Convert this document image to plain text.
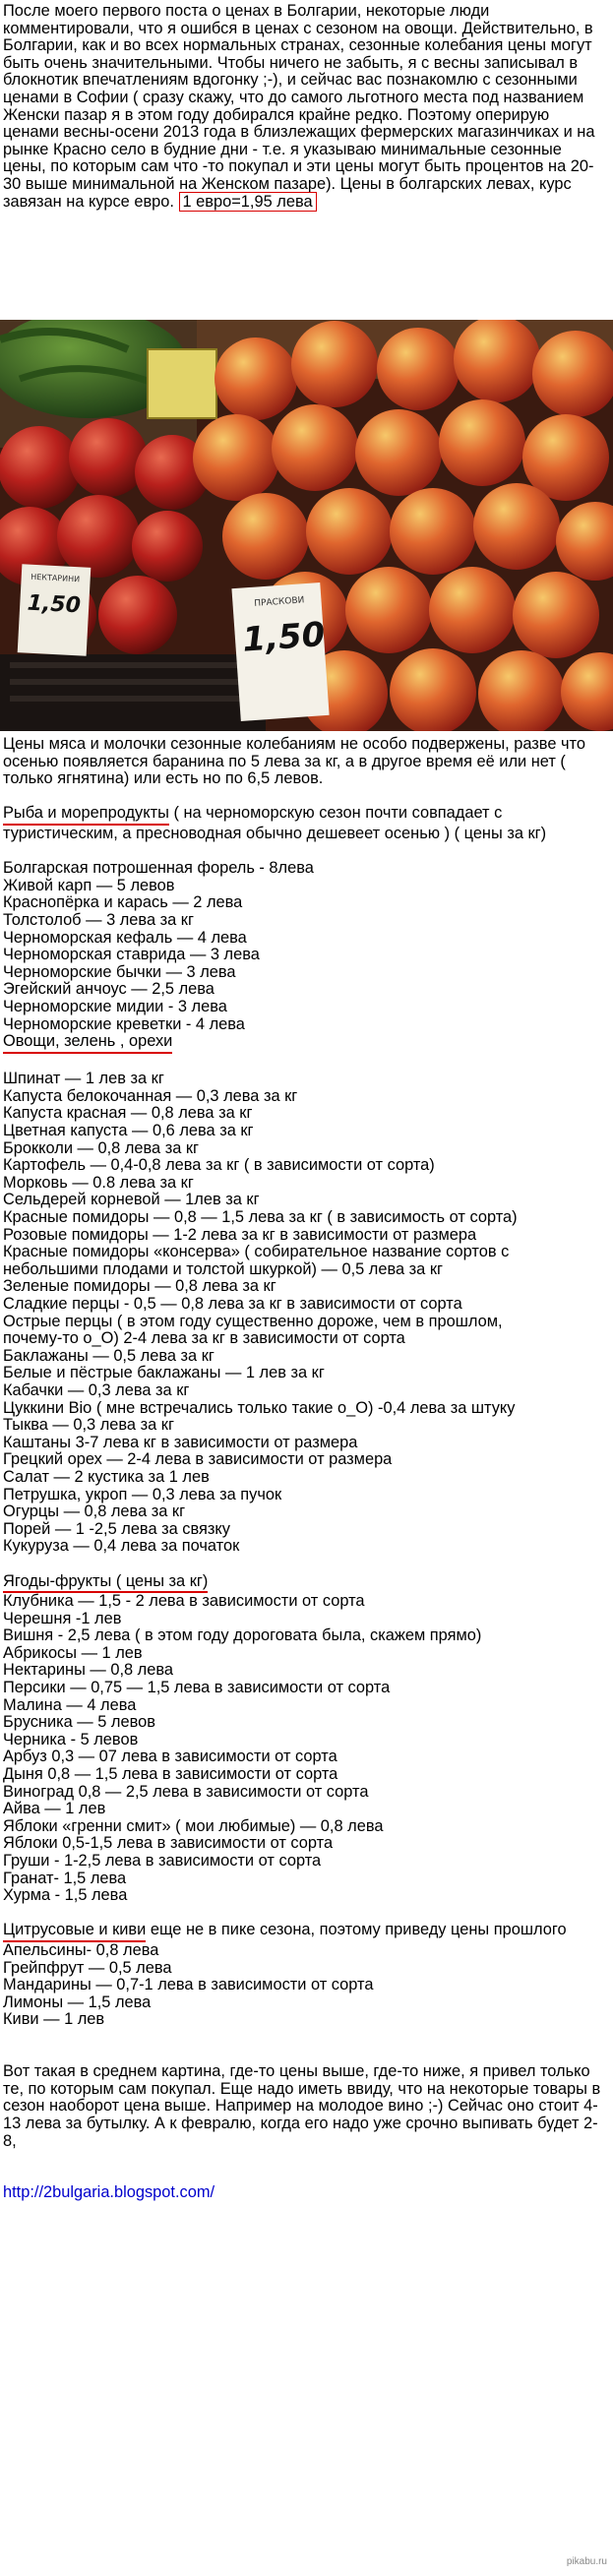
После моего первого поста о ценах в Болгарии, некоторые люди комментировали, что я ошибся в ценах с сезоном на овощи. Действительно, в Болгарии, как и во всех нормальных странах, сезонные колебания цены могут быть очень значительными. Чтобы ничего не забыть, я с весны записывал в блокнотик впечатлениям вдогонку ;-), и сейчас вас познакомлю с сезонными ценами в Софии ( сразу скажу, что до самого льготного места под названием Женски пазар я в этом году добирался крайне редко. Поэтому оперирую ценами весны-осени 2013 года в близлежащих фермерских магазинчиках и на рынке Красно село в будние дни - т.е. я указываю минимальные сезонные цены, по которым сам что -то покупал и эти цены могут быть процентов на 20-30 выше минимальной на Женском пазаре). Цены в болгарских левах, курс завязан на курсе евро. 1 евро=1,95 лева

ПРАСКОВИ
1,50
НЕКТАРИНИ
1,50

Цены мяса и молочки сезонные колебаниям не особо подвержены, разве что осенью появляется баранина по 5 лева за кг, а в другое время её или нет ( только ягнятина) или есть но по 6,5 левов.

Рыба и морепродукты ( на черноморскую сезон почти совпадает с туристическим, а пресноводная обычно дешевеет осенью ) ( цены за кг)

Болгарская потрошенная форель - 8лева
Живой карп — 5 левов
Краснопёрка и карась — 2 лева
Толстолоб — 3 лева за кг
Черноморская кефаль — 4 лева
Черноморская ставрида — 3 лева
Черноморские бычки — 3 лева
Эгейский анчоус — 2,5 лева
Черноморские мидии - 3 лева
Черноморские креветки - 4 лева

Овощи, зелень , орехи

Шпинат — 1 лев за кг
Капуста белокочанная — 0,3 лева за кг
Капуста красная — 0,8 лева за кг
Цветная капуста — 0,6 лева за кг
Брокколи — 0,8 лева за кг
Картофель — 0,4-0,8 лева за кг ( в зависимости от сорта)
Морковь — 0.8 лева за кг
Сельдерей корневой — 1лев за кг
Красные помидоры — 0,8 — 1,5 лева за кг ( в зависимость от сорта)
Розовые помидоры — 1-2 лева за кг в зависимости от размера
Красные помидоры «консерва» ( собирательное название сортов с
небольшими плодами и толстой шкуркой) — 0,5 лева за кг
Зеленые помидоры — 0,8 лева за кг
Сладкие перцы - 0,5 — 0,8 лева за кг в зависимости от сорта
Острые перцы ( в этом году существенно дороже, чем в прошлом,
почему-то о_О) 2-4 лева за кг в зависимости от сорта
Баклажаны — 0,5 лева за кг
Белые и пёстрые баклажаны — 1 лев за кг
Кабачки — 0,3 лева за кг
Цуккини Bio ( мне встречались только такие о_О) -0,4 лева за штуку
Тыква — 0,3 лева за кг
Каштаны 3-7 лева кг в зависимости от размера
Грецкий орех — 2-4 лева в зависимости от размера
Салат — 2 кустика за 1 лев
Петрушка, укроп — 0,3 лева за пучок
Огурцы — 0,8 лева за кг
Порей — 1 -2,5 лева за связку
Кукуруза — 0,4 лева за початок

Ягоды-фрукты ( цены за кг)

Клубника — 1,5 - 2 лева в зависимости от сорта
Черешня -1 лев
Вишня - 2,5 лева ( в этом году дороговата была, скажем прямо)
Абрикосы — 1 лев
Нектарины — 0,8 лева
Персики — 0,75 — 1,5 лева в зависимости от сорта
Малина — 4 лева
Брусника — 5 левов
Черника - 5 левов
Арбуз 0,3 — 07 лева в зависимости от сорта
Дыня 0,8 — 1,5 лева в зависимости от сорта
Виноград 0,8 — 2,5 лева в зависимости от сорта
Айва — 1 лев
Яблоки «гренни смит» ( мои любимые) — 0,8 лева
Яблоки 0,5-1,5 лева в зависимости от сорта
Груши - 1-2,5 лева в зависимости от сорта
Гранат- 1,5 лева
Хурма - 1,5 лева

Цитрусовые и киви еще не в пике сезона, поэтому приведу цены прошлого

Апельсины- 0,8 лева
Грейпфрут — 0,5 лева
Мандарины — 0,7-1 лева в зависимости от сорта
Лимоны — 1,5 лева
Киви — 1 лев

Вот такая в среднем картина, где-то цены выше, где-то ниже, я привел только те, по которым сам покупал. Еще надо иметь ввиду, что на некоторые товары в сезон наоборот цена выше. Например на молодое вино ;-) Сейчас оно стоит 4-13 лева за бутылку. А к февралю, когда его надо уже срочно выпивать будет 2-8,

http://2bulgaria.blogspot.com/

pikabu.ru
